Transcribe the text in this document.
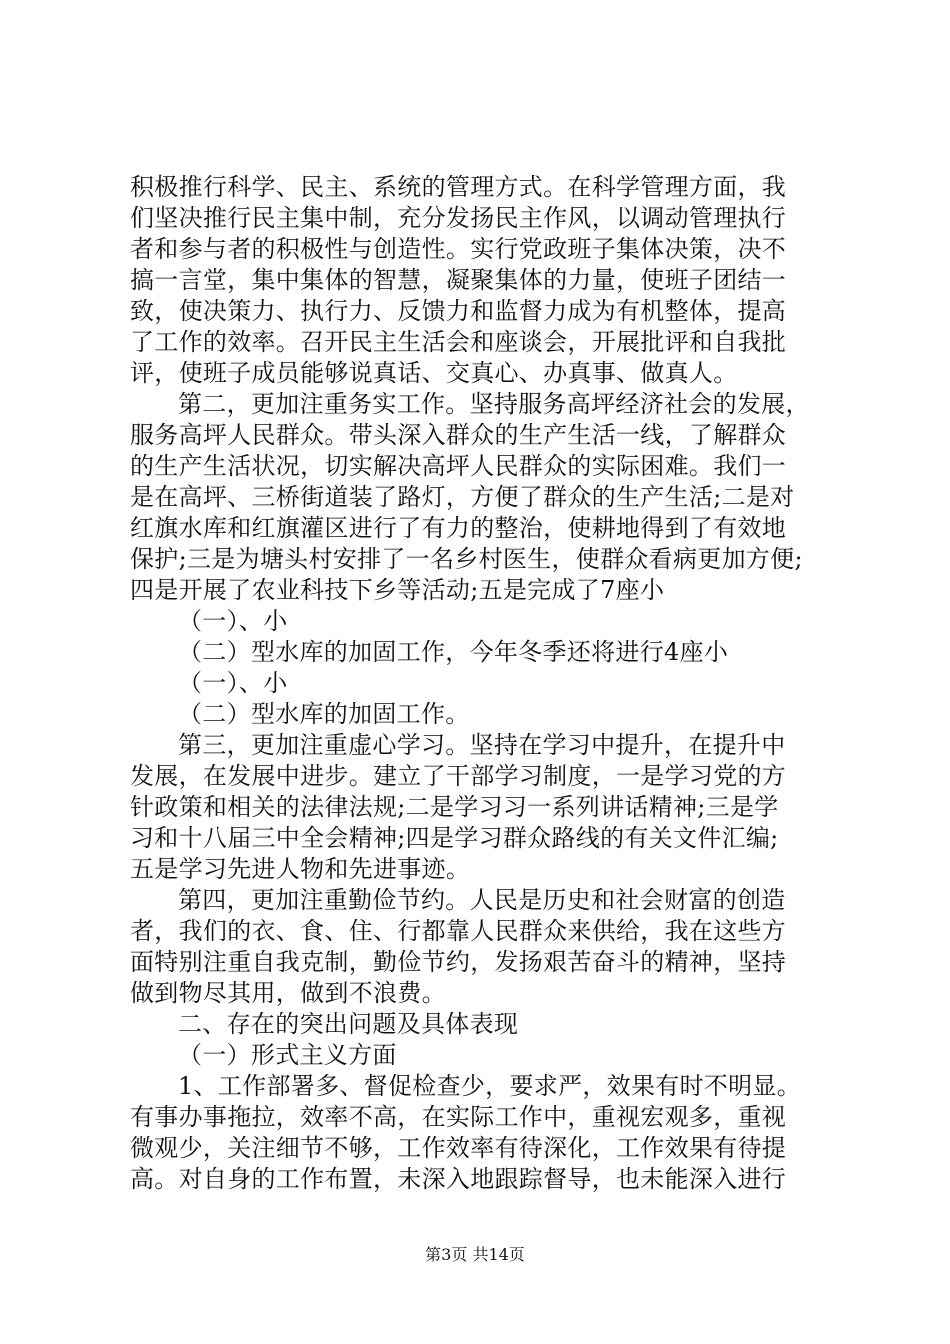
积极推行科学、民主、系统的管理方式。在科学管理方面，我
们坚决推行民主集中制，充分发扬民主作风，以调动管理执行
者和参与者的积极性与创造性。实行党政班子集体决策，决不
搞一言堂，集中集体的智慧，凝聚集体的力量，使班子团结一
致，使决策力、执行力、反馈力和监督力成为有机整体，提高
了工作的效率。召开民主生活会和座谈会，开展批评和自我批
评，使班子成员能够说真话、交真心、办真事、做真人。
第二，更加注重务实工作。坚持服务高坪经济社会的发展，
服务高坪人民群众。带头深入群众的生产生活一线，了解群众
的生产生活状况，切实解决高坪人民群众的实际困难。我们一
是在高坪、三桥街道装了路灯，方便了群众的生产生活;二是对
红旗水库和红旗灌区进行了有力的整治，使耕地得到了有效地
保护;三是为塘头村安排了一名乡村医生，使群众看病更加方便;
四是开展了农业科技下乡等活动;五是完成了7座小
（一）、小
（二）型水库的加固工作，今年冬季还将进行4座小
（一）、小
（二）型水库的加固工作。
第三，更加注重虚心学习。坚持在学习中提升，在提升中
发展，在发展中进步。建立了干部学习制度，一是学习党的方
针政策和相关的法律法规;二是学习习一系列讲话精神;三是学
习和十八届三中全会精神;四是学习群众路线的有关文件汇编;
五是学习先进人物和先进事迹。
第四，更加注重勤俭节约。人民是历史和社会财富的创造
者，我们的衣、食、住、行都靠人民群众来供给，我在这些方
面特别注重自我克制，勤俭节约，发扬艰苦奋斗的精神，坚持
做到物尽其用，做到不浪费。
二、存在的突出问题及具体表现
（一）形式主义方面
1、工作部署多、督促检查少，要求严，效果有时不明显。
有事办事拖拉，效率不高，在实际工作中，重视宏观多，重视
微观少，关注细节不够，工作效率有待深化，工作效果有待提
高。对自身的工作布置，未深入地跟踪督导，也未能深入进行
第3页 共14页
